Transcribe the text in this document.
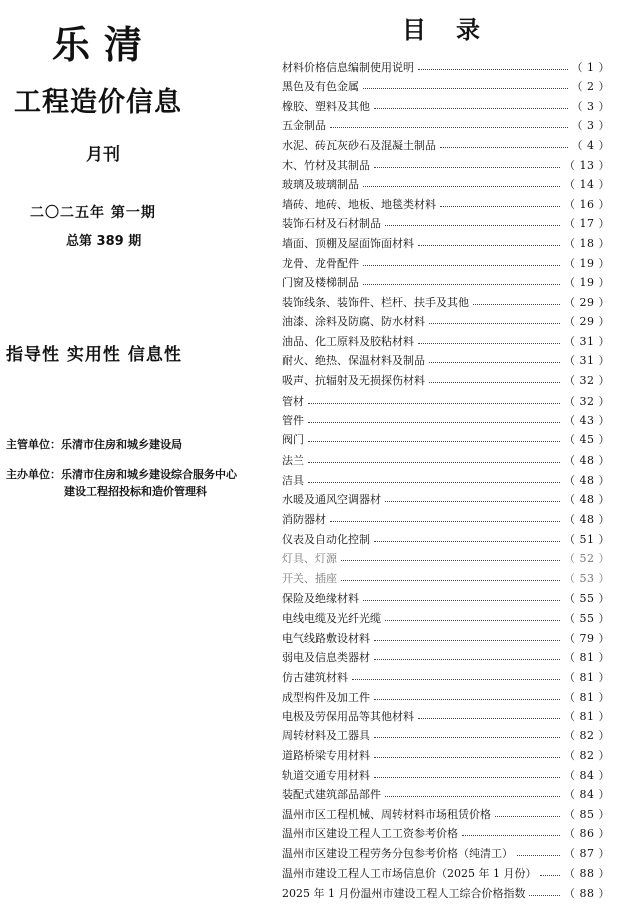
乐清
工程造价信息
月刊
二〇二五年 第一期
总第 389 期
指导性 实用性 信息性
主管单位：乐清市住房和城乡建设局
主办单位：乐清市住房和城乡建设综合服务中心
建设工程招投标和造价管理科
目录
材料价格信息编制使用说明	（ 1 ）
黑色及有色金属	（ 2 ）
橡胶、塑料及其他	（ 3 ）
五金制品	（ 3 ）
水泥、砖瓦灰砂石及混凝土制品	（ 4 ）
木、竹材及其制品	（ 13 ）
玻璃及玻璃制品	（ 14 ）
墙砖、地砖、地板、地毯类材料	（ 16 ）
装饰石材及石材制品	（ 17 ）
墙面、顶棚及屋面饰面材料	（ 18 ）
龙骨、龙骨配件	（ 19 ）
门窗及楼梯制品	（ 19 ）
装饰线条、装饰件、栏杆、扶手及其他	（ 29 ）
油漆、涂料及防腐、防水材料	（ 29 ）
油品、化工原料及胶粘材料	（ 31 ）
耐火、绝热、保温材料及制品	（ 31 ）
吸声、抗辐射及无损探伤材料	（ 32 ）
管材	（ 32 ）
管件	（ 43 ）
阀门	（ 45 ）
法兰	（ 48 ）
洁具	（ 48 ）
水暖及通风空调器材	（ 48 ）
消防器材	（ 48 ）
仪表及自动化控制	（ 51 ）
灯具、灯源	（ 52 ）
开关、插座	（ 53 ）
保险及绝缘材料	（ 55 ）
电线电缆及光纤光缆	（ 55 ）
电气线路敷设材料	（ 79 ）
弱电及信息类器材	（ 81 ）
仿古建筑材料	（ 81 ）
成型构件及加工件	（ 81 ）
电极及劳保用品等其他材料	（ 81 ）
周转材料及工器具	（ 82 ）
道路桥梁专用材料	（ 82 ）
轨道交通专用材料	（ 84 ）
装配式建筑部品部件	（ 84 ）
温州市区工程机械、周转材料市场租赁价格	（ 85 ）
温州市区建设工程人工工资参考价格	（ 86 ）
温州市区建设工程劳务分包参考价格（纯清工）	（ 87 ）
温州市建设工程人工市场信息价（2025 年 1 月份）	（ 88 ）
2025 年 1 月份温州市建设工程人工综合价格指数	（ 88 ）
